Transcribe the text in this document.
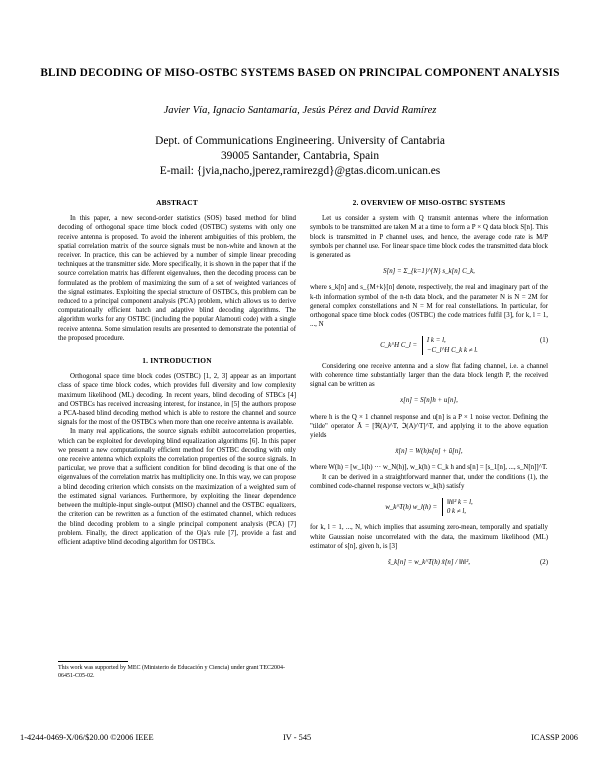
BLIND DECODING OF MISO-OSTBC SYSTEMS BASED ON PRINCIPAL COMPONENT ANALYSIS
Javier Vía, Ignacio Santamaría, Jesús Pérez and David Ramírez
Dept. of Communications Engineering. University of Cantabria
39005 Santander, Cantabria, Spain
E-mail: {jvia,nacho,jperez,ramirezgd}@gtas.dicom.unican.es
ABSTRACT

In this paper, a new second-order statistics (SOS) based method for blind decoding of orthogonal space time block coded (OSTBC) systems with only one receive antenna is proposed. To avoid the inherent ambiguities of this problem, the spatial correlation matrix of the source signals must be non-white and known at the receiver. In practice, this can be achieved by a number of simple linear precoding techniques at the transmitter side. More specifically, it is shown in the paper that if the source correlation matrix has different eigenvalues, then the decoding process can be formulated as the problem of maximizing the sum of a set of weighted variances of the signal estimates. Exploiting the special structure of OSTBCs, this problem can be reduced to a principal component analysis (PCA) problem, which allows us to derive computationally efficient batch and adaptive blind decoding algorithms. The algorithm works for any OSTBC (including the popular Alamouti code) with a single receive antenna. Some simulation results are presented to demonstrate the potential of the proposed procedure.

1. INTRODUCTION

Orthogonal space time block codes (OSTBC) [1, 2, 3] appear as an important class of space time block codes, which provides full diversity and low complexity maximum likelihood (ML) decoding. In recent years, blind decoding of STBCs [4] and OSTBCs has received increasing interest, for instance, in [5] the authors propose a PCA-based blind decoding method which is able to restore the channel and source signals for the most of the OSTBCs when more than one receive antenna is available.

In many real applications, the source signals exhibit autocorrelation properties, which can be exploited for developing blind equalization algorithms [6]. In this paper we present a new computationally efficient method for OSTBC decoding with only one receive antenna which exploits the correlation properties of the source signals. In particular, we prove that a sufficient condition for blind decoding is that one of the eigenvalues of the correlation matrix has multiplicity one. In this way, we can propose a blind decoding criterion which consists on the maximization of a weighted sum of the estimated signal variances. Furthermore, by exploiting the linear dependence between the multiple-input single-output (MISO) channel and the OSTBC equalizers, the criterion can be rewritten as a function of the estimated channel, which reduces the blind decoding problem to a single principal component analysis (PCA) [7] problem. Finally, the direct application of the Oja's rule [7], provide a fast and efficient adaptive blind decoding algorithm for OSTBCs.

This work was supported by MEC (Ministerio de Educación y Ciencia) under grant TEC2004-06451-C05-02.
2. OVERVIEW OF MISO-OSTBC SYSTEMS

Let us consider a system with Q transmit antennas where the information symbols to be transmitted are taken M at a time to form a P × Q data block S[n]. This block is transmitted in P channel uses, and hence, the average code rate is M/P symbols per channel use. For linear space time block codes the transmitted data block is generated as

S[n] = Σ_{k=1}^{N} s_k[n] C_k,

where s_k[n] and s_{M+k}[n] denote, respectively, the real and imaginary part of the k-th information symbol of the n-th data block, and the parameter N is N = 2M for general complex constellations and N = M for real constellations. In particular, for orthogonal space time block codes (OSTBC) the code matrices fulfil [3], for k, l = 1, ..., N

C_k^H C_l =
I k = l,
−C_l^H C_k k ≠ l.
(1)

Considering one receive antenna and a slow flat fading channel, i.e. a channel with coherence time substantially larger than the data block length P, the received signal can be written as

x[n] = S[n]h + u[n],

where h is the Q × 1 channel response and u[n] is a P × 1 noise vector. Defining the "tilde" operator Ã = [ℜ(A)^T, ℑ(A)^T]^T, and applying it to the above equation yields

x̃[n] = W(h)s[n] + ũ[n],

where W(h) = [w_1(h) ··· w_N(h)], w_k(h) = C_k h and s[n] = [s_1[n], ..., s_N[n]]^T.

It can be derived in a straightforward manner that, under the conditions (1), the combined code-channel response vectors w_k(h) satisfy

w_k^T(h) w_l(h) =
‖h‖² k = l,
0 k ≠ l,

for k, l = 1, ..., N, which implies that assuming zero-mean, temporally and spatially white Gaussian noise uncorrelated with the data, the maximum likelihood (ML) estimator of s[n], given h, is [3]

ŝ_k[n] = w_k^T(h) x̃[n] / ‖h‖²,	(2)
1-4244-0469-X/06/$20.00 ©2006 IEEE	IV - 545	ICASSP 2006
